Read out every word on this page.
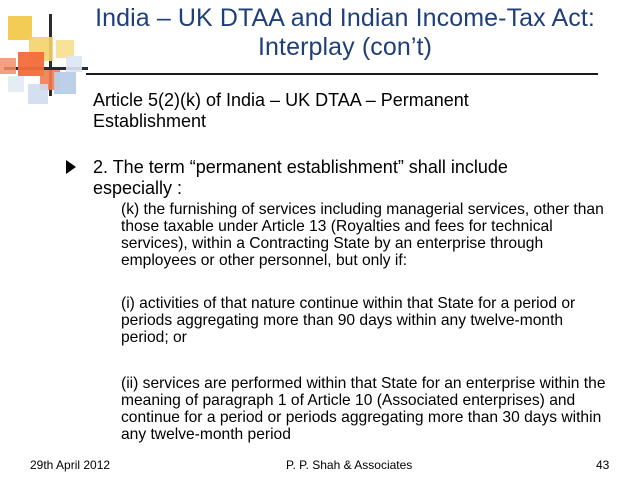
India – UK DTAA and Indian Income-Tax Act: Interplay (con’t)
Article 5(2)(k) of India – UK DTAA – Permanent Establishment
2. The term “permanent establishment” shall include especially :
(k) the furnishing of services including managerial services, other than those taxable under Article 13 (Royalties and fees for technical services), within a Contracting State by an enterprise through employees or other personnel, but only if:
(i) activities of that nature continue within that State for a period or periods aggregating more than 90 days within any twelve-month period; or
(ii) services are performed within that State for an enterprise within the meaning of paragraph 1 of Article 10 (Associated enterprises) and continue for a period or periods aggregating more than 30 days within any twelve-month period
29th April 2012	P. P. Shah & Associates	43
